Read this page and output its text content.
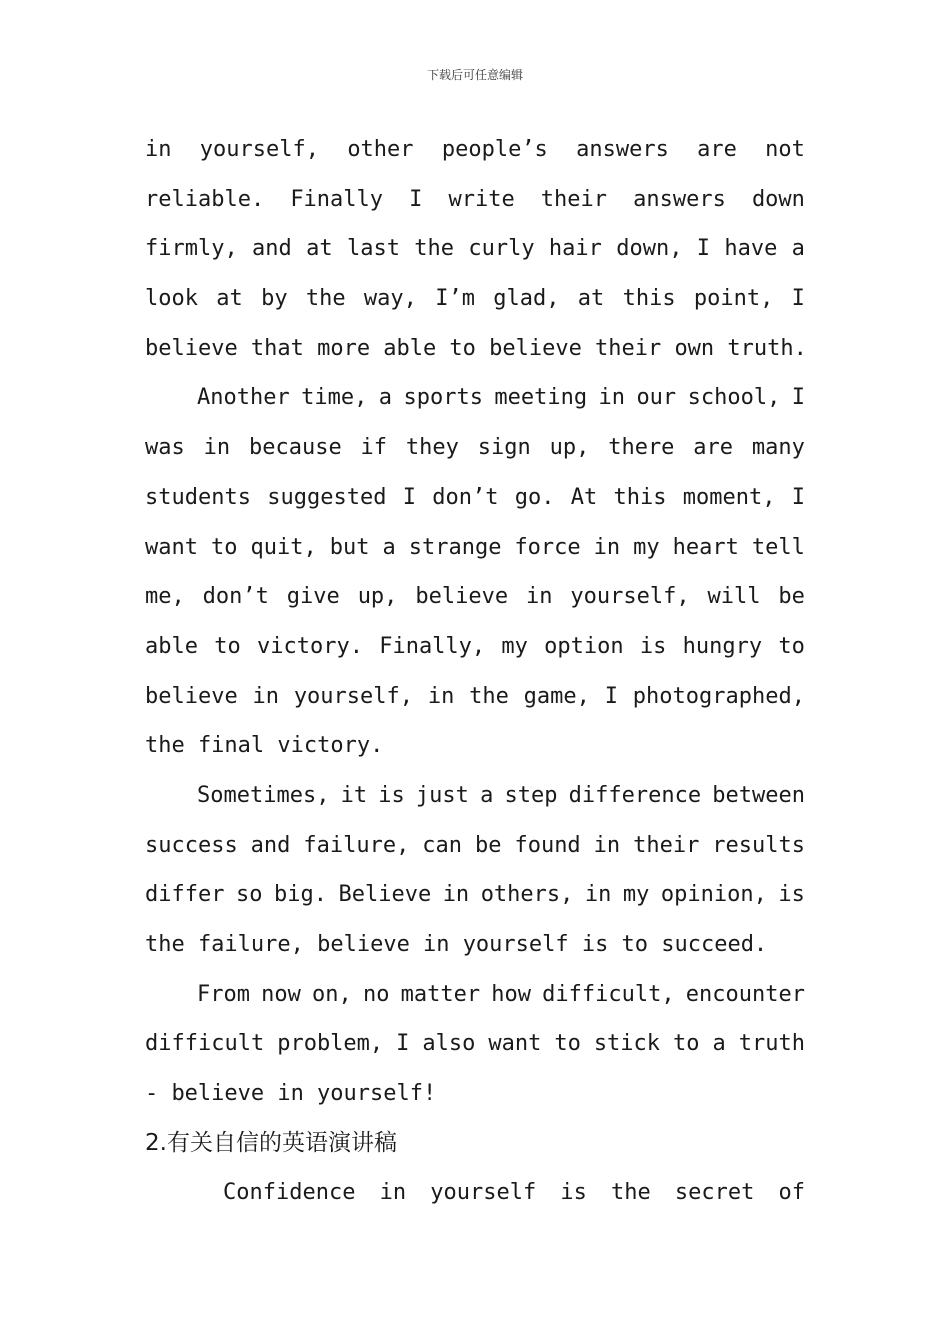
下载后可任意编辑
in yourself, other people’s answers are not
reliable. Finally I write their answers down
firmly, and at last the curly hair down, I have a
look at by the way, I’m glad, at this point, I
believe that more able to believe their own truth.
Another time, a sports meeting in our school, I
was in because if they sign up, there are many
students suggested I don’t go. At this moment, I
want to quit, but a strange force in my heart tell
me, don’t give up, believe in yourself, will be
able to victory. Finally, my option is hungry to
believe in yourself, in the game, I photographed,
the final victory.
Sometimes, it is just a step difference between
success and failure, can be found in their results
differ so big. Believe in others, in my opinion, is
the failure, believe in yourself is to succeed.
From now on, no matter how difficult, encounter
difficult problem, I also want to stick to a truth
- believe in yourself!
2.有关自信的英语演讲稿
Confidence in yourself is the secret of
